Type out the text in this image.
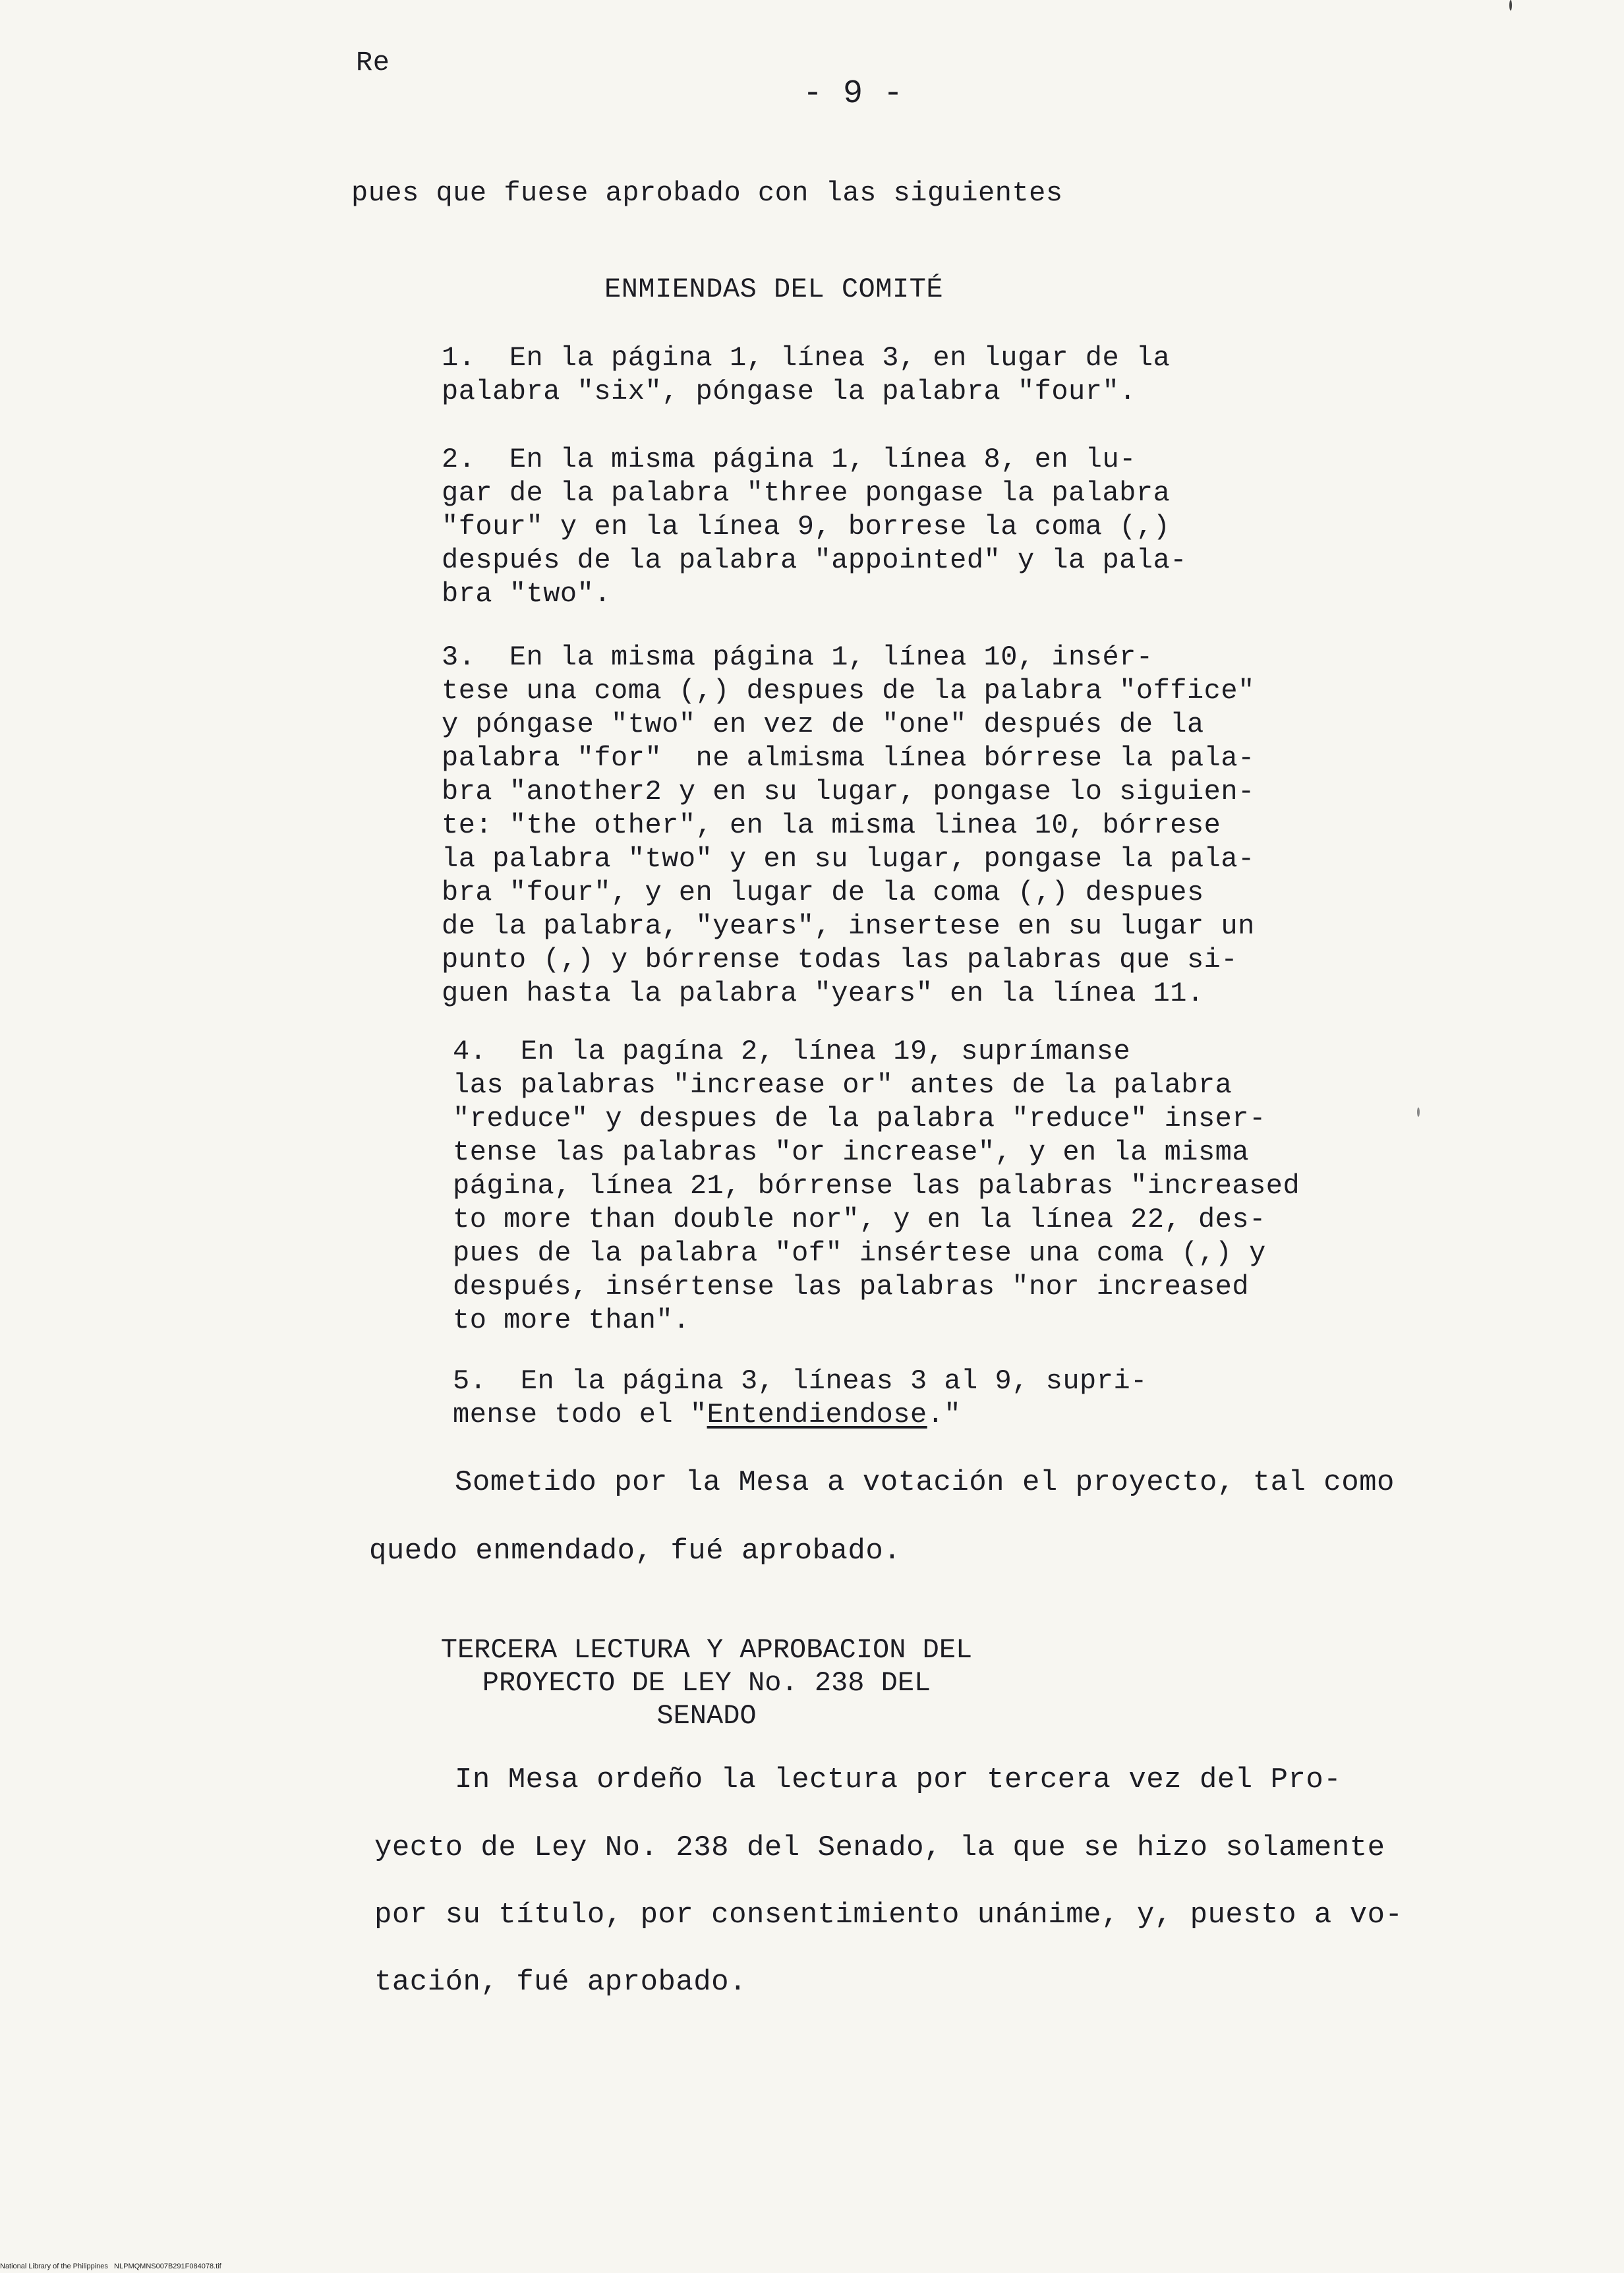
Re
- 9 -
pues que fuese aprobado con las siguientes
ENMIENDAS DEL COMITÉ

1.  En la página 1, línea 3, en lugar de la
palabra "six", póngase la palabra "four".

2.  En la misma página 1, línea 8, en lu-
gar de la palabra "three pongase la palabra
"four" y en la línea 9, borrese la coma (,)
después de la palabra "appointed" y la pala-
bra "two".

3.  En la misma página 1, línea 10, insér-
tese una coma (,) despues de la palabra "office"
y póngase "two" en vez de "one" después de la
palabra "for"  ne almisma línea bórrese la pala-
bra "another2 y en su lugar, pongase lo siguien-
te: "the other", en la misma linea 10, bórrese
la palabra "two" y en su lugar, pongase la pala-
bra "four", y en lugar de la coma (,) despues
de la palabra, "years", insertese en su lugar un
punto (,) y bórrense todas las palabras que si-
guen hasta la palabra "years" en la línea 11.

4.  En la pagína 2, línea 19, suprímanse
las palabras "increase or" antes de la palabra
"reduce" y despues de la palabra "reduce" inser-
tense las palabras "or increase", y en la misma
página, línea 21, bórrense las palabras "increased
to more than double nor", y en la línea 22, des-
pues de la palabra "of" insértese una coma (,) y
después, insértense las palabras "nor increased
to more than".

5.  En la página 3, líneas 3 al 9, supri-
mense todo el "Entendiendose."

Sometido por la Mesa a votación el proyecto, tal como
quedo enmendado, fué aprobado.
TERCERA LECTURA Y APROBACION DEL
PROYECTO DE LEY No. 238 DEL
SENADO
In Mesa ordeño la lectura por tercera vez del Pro-
yecto de Ley No. 238 del Senado, la que se hizo solamente
por su título, por consentimiento unánime, y, puesto a vo-
tación, fué aprobado.
National Library of the Philippines   NLPMQMNS007B291F084078.tif
